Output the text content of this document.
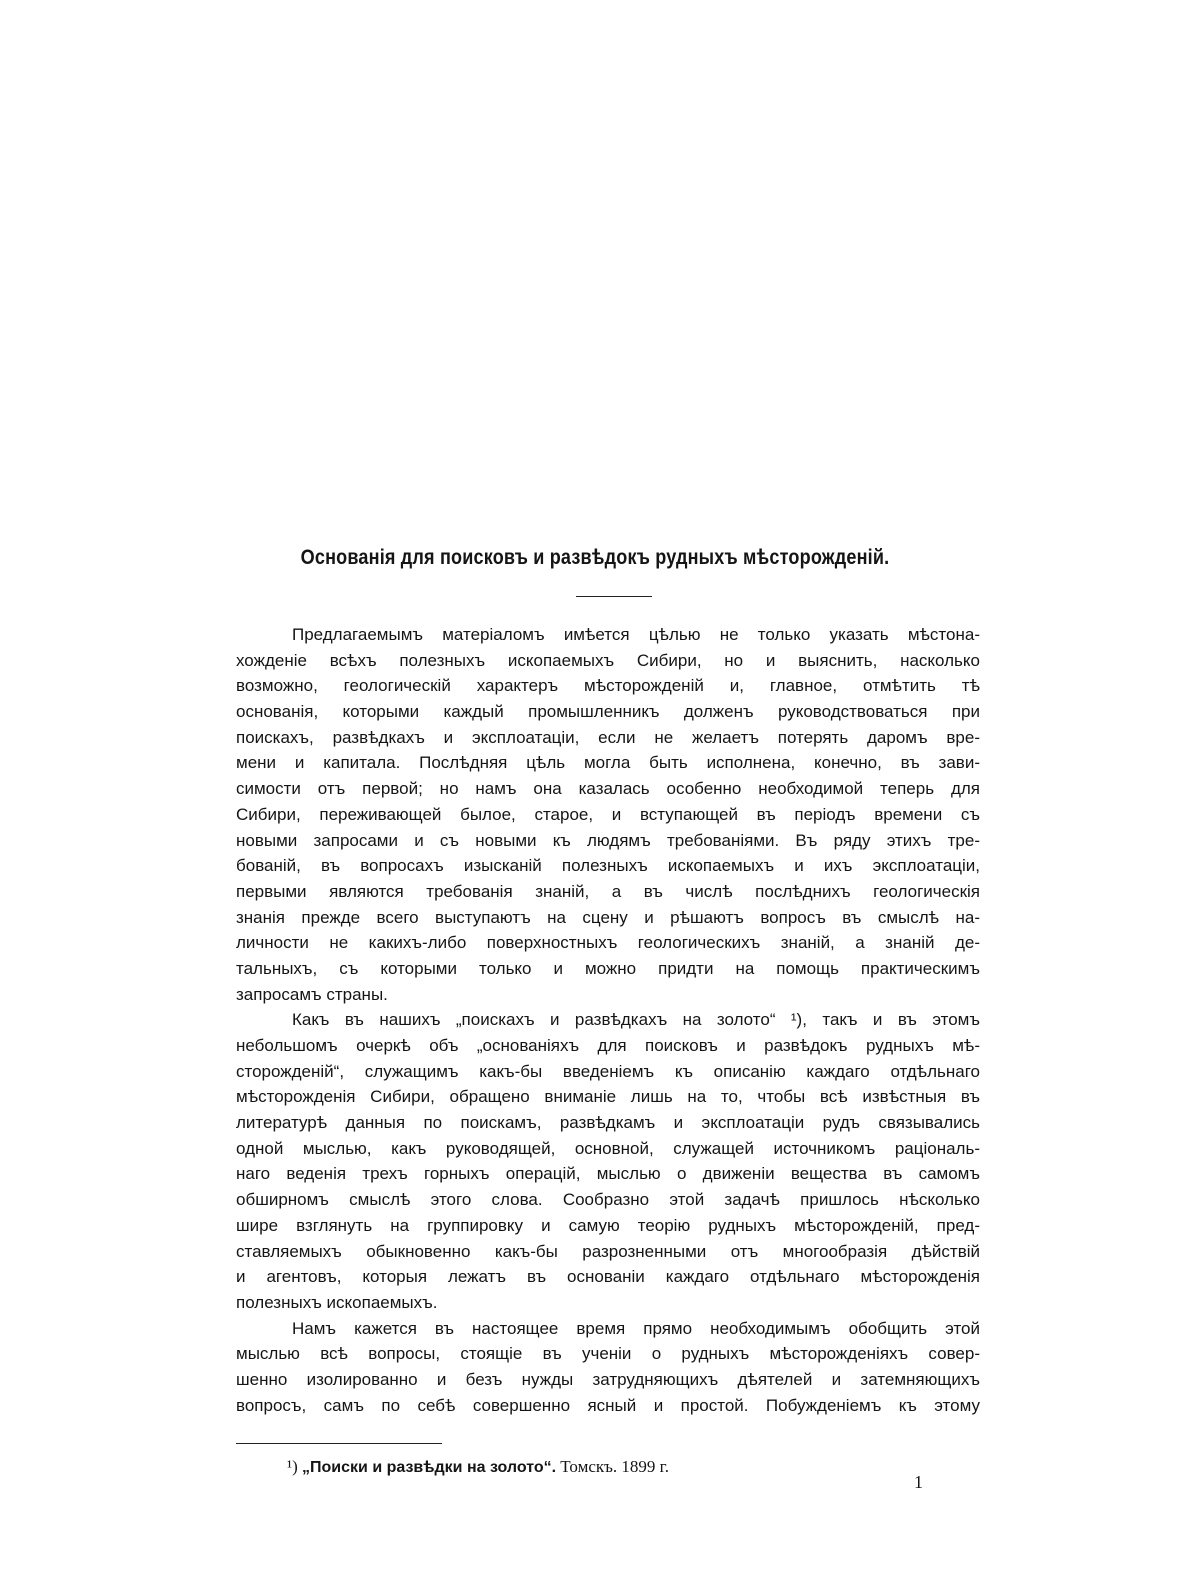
Основанія для поисковъ и развѣдокъ рудныхъ мѣсторожденій.
Предлагаемымъ матеріаломъ имѣется цѣлью не только указать мѣстона-
хожденіе всѣхъ полезныхъ ископаемыхъ Сибири, но и выяснить, насколько
возможно, геологическій характеръ мѣсторожденій и, главное, отмѣтить тѣ
основанія, которыми каждый промышленникъ долженъ руководствоваться при
поискахъ, развѣдкахъ и эксплоатаціи, если не желаетъ потерять даромъ вре-
мени и капитала. Послѣдняя цѣль могла быть исполнена, конечно, въ зави-
симости отъ первой; но намъ она казалась особенно необходимой теперь для
Сибири, переживающей былое, старое, и вступающей въ періодъ времени съ
новыми запросами и съ новыми къ людямъ требованіями. Въ ряду этихъ тре-
бованій, въ вопросахъ изысканій полезныхъ ископаемыхъ и ихъ эксплоатаціи,
первыми являются требованія знаній, а въ числѣ послѣднихъ геологическія
знанія прежде всего выступаютъ на сцену и рѣшаютъ вопросъ въ смыслѣ на-
личности не какихъ-либо поверхностныхъ геологическихъ знаній, а знаній де-
тальныхъ, съ которыми только и можно придти на помощь практическимъ
запросамъ страны.
Какъ въ нашихъ „поискахъ и развѣдкахъ на золото“ ¹), такъ и въ этомъ
небольшомъ очеркѣ объ „основаніяхъ для поисковъ и развѣдокъ рудныхъ мѣ-
сторожденій“, служащимъ какъ-бы введеніемъ къ описанію каждаго отдѣльнаго
мѣсторожденія Сибири, обращено вниманіе лишь на то, чтобы всѣ извѣстныя въ
литературѣ данныя по поискамъ, развѣдкамъ и эксплоатаціи рудъ связывались
одной мыслью, какъ руководящей, основной, служащей источникомъ раціональ-
наго веденія трехъ горныхъ операцій, мыслью о движеніи вещества въ самомъ
обширномъ смыслѣ этого слова. Сообразно этой задачѣ пришлось нѣсколько
шире взглянуть на группировку и самую теорію рудныхъ мѣсторожденій, пред-
ставляемыхъ обыкновенно какъ-бы разрозненными отъ многообразія дѣйствій
и агентовъ, которыя лежатъ въ основаніи каждаго отдѣльнаго мѣсторожденія
полезныхъ ископаемыхъ.
Намъ кажется въ настоящее время прямо необходимымъ обобщить этой
мыслью всѣ вопросы, стоящіе въ ученіи о рудныхъ мѣсторожденіяхъ совер-
шенно изолированно и безъ нужды затрудняющихъ дѣятелей и затемняющихъ
вопросъ, самъ по себѣ совершенно ясный и простой. Побужденіемъ къ этому
¹) „Поиски и развѣдки на золото“. Томскъ. 1899 г.
1
